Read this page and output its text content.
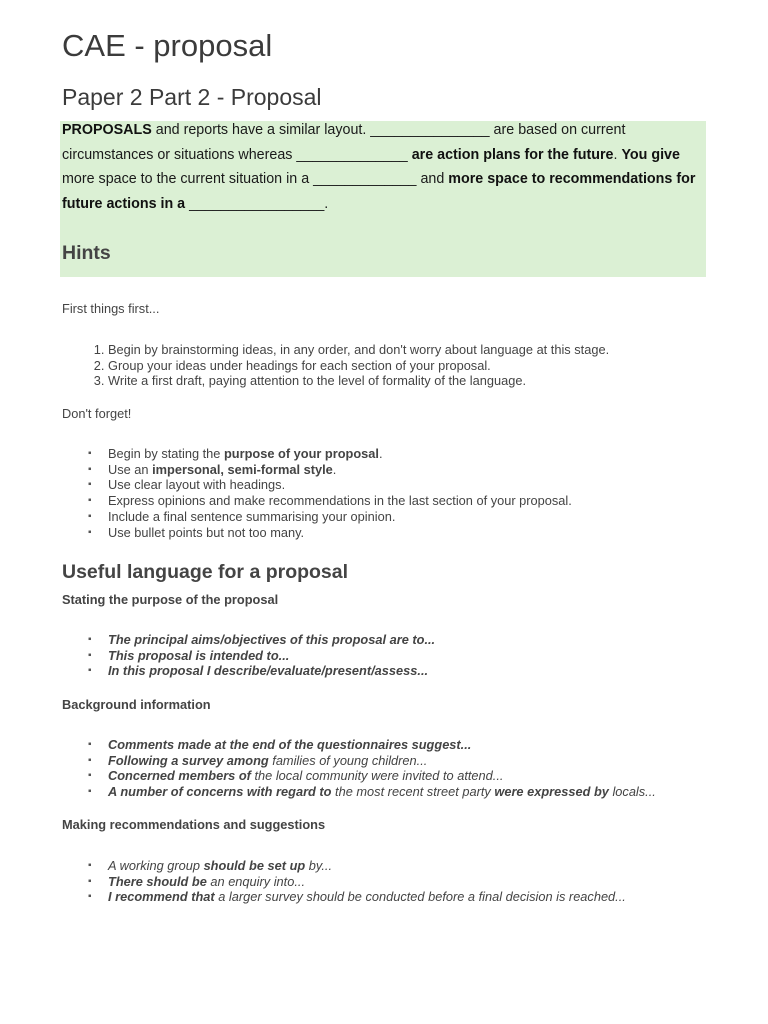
CAE - proposal
Paper 2 Part 2 - Proposal

PROPOSALS and reports have a similar layout. _______________ are based on current circumstances or situations whereas ______________ are action plans for the future. You give more space to the current situation in a _____________ and more space to recommendations for future actions in a _________________.

Hints

First things first...

1. Begin by brainstorming ideas, in any order, and don't worry about language at this stage.
2. Group your ideas under headings for each section of your proposal.
3. Write a first draft, paying attention to the level of formality of the language.

Don't forget!

▪ Begin by stating the purpose of your proposal.
▪ Use an impersonal, semi-formal style.
▪ Use clear layout with headings.
▪ Express opinions and make recommendations in the last section of your proposal.
▪ Include a final sentence summarising your opinion.
▪ Use bullet points but not too many.
Useful language for a proposal

Stating the purpose of the proposal

▪ The principal aims/objectives of this proposal are to...
▪ This proposal is intended to...
▪ In this proposal I describe/evaluate/present/assess...

Background information

▪ Comments made at the end of the questionnaires suggest...
▪ Following a survey among families of young children...
▪ Concerned members of the local community were invited to attend...
▪ A number of concerns with regard to the most recent street party were expressed by locals...

Making recommendations and suggestions

▪ A working group should be set up by...
▪ There should be an enquiry into...
▪ I recommend that a larger survey should be conducted before a final decision is reached...
